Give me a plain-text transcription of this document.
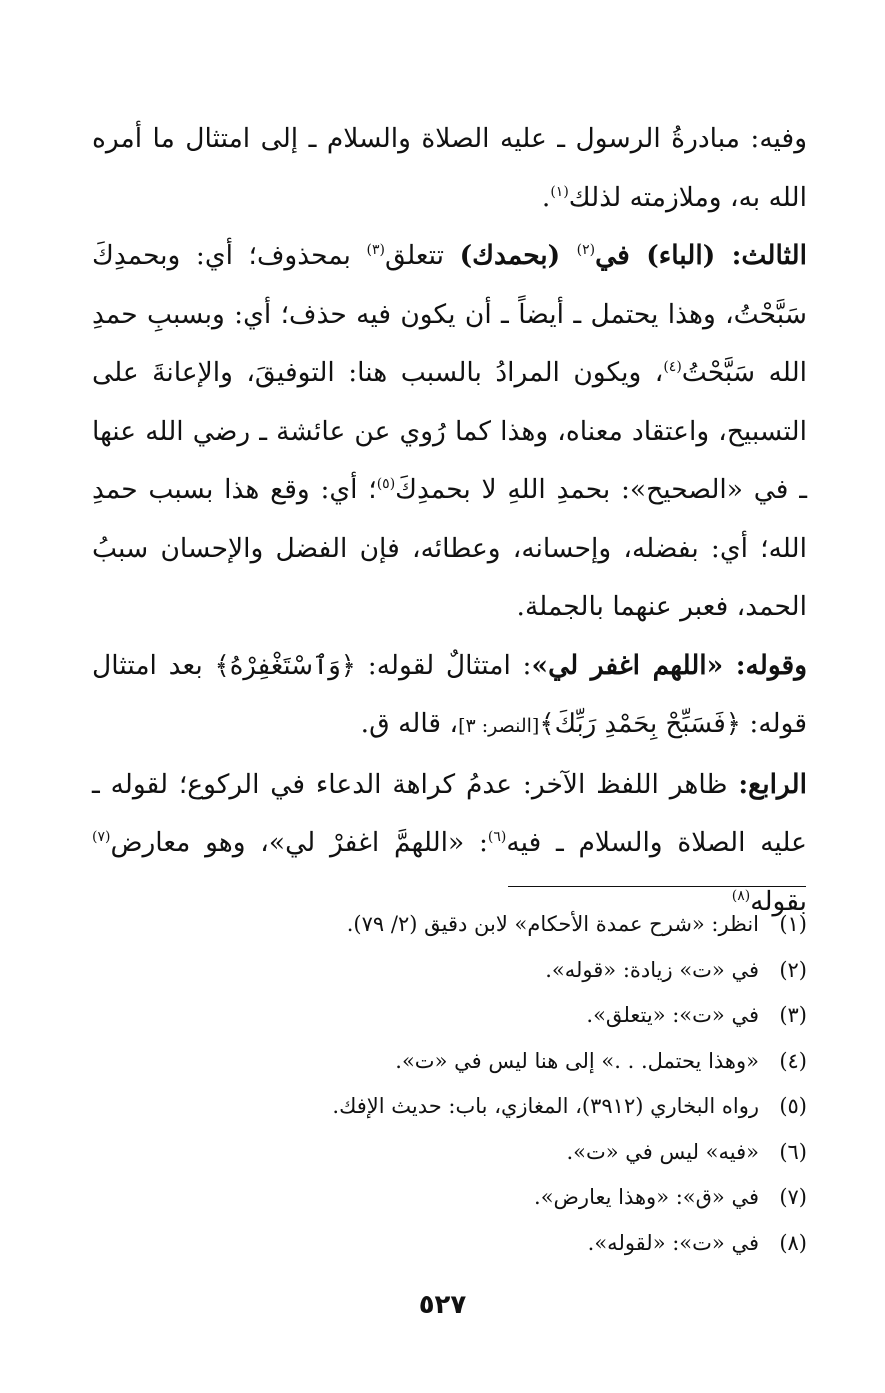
وفيه: مبادرةُ الرسول ـ عليه الصلاة والسلام ـ إلى امتثال ما أمره الله به، وملازمته لذلك$^{(١)}$.

الثالث: (الباء) في$^{(٢)}$ (بحمدك) تتعلق$^{(٣)}$ بمحذوف؛ أي: وبحمدِكَ سَبَّحْتُ، وهذا يحتمل ـ أيضاً ـ أن يكون فيه حذف؛ أي: وبسببِ حمدِ الله سَبَّحْتُ$^{(٤)}$، ويكون المرادُ بالسبب هنا: التوفيقَ، والإعانةَ على التسبيح، واعتقاد معناه، وهذا كما رُوي عن عائشة ـ رضي الله عنها ـ في «الصحيح»: بحمدِ اللهِ لا بحمدِكَ$^{(٥)}$؛ أي: وقع هذا بسبب حمدِ الله؛ أي: بفضله، وإحسانه، وعطائه، فإن الفضل والإحسان سببُ الحمد، فعبر عنهما بالجملة.

وقوله: «اللهم اغفر لي»: امتثالٌ لقوله: ﴿وَٱسْتَغْفِرْهُ﴾ بعد امتثال قوله: ﴿فَسَبِّحْ بِحَمْدِ رَبِّكَ﴾[النصر: ٣]، قاله ق.

الرابع: ظاهر اللفظ الآخر: عدمُ كراهة الدعاء في الركوع؛ لقوله ـ عليه الصلاة والسلام ـ فيه$^{(٦)}$: «اللهمَّ اغفرْ لي»، وهو معارض$^{(٧)}$ بقوله$^{(٨)}$

(١)
انظر: «شرح عمدة الأحكام» لابن دقيق (٢/ ٧٩).
(٢)
في «ت» زيادة: «قوله».
(٣)
في «ت»: «يتعلق».
(٤)
«وهذا يحتمل. . .» إلى هنا ليس في «ت».
(٥)
رواه البخاري (٣٩١٢)، المغازي، باب: حديث الإفك.
(٦)
«فيه» ليس في «ت».
(٧)
في «ق»: «وهذا يعارض».
(٨)
في «ت»: «لقوله».
٥٢٧
